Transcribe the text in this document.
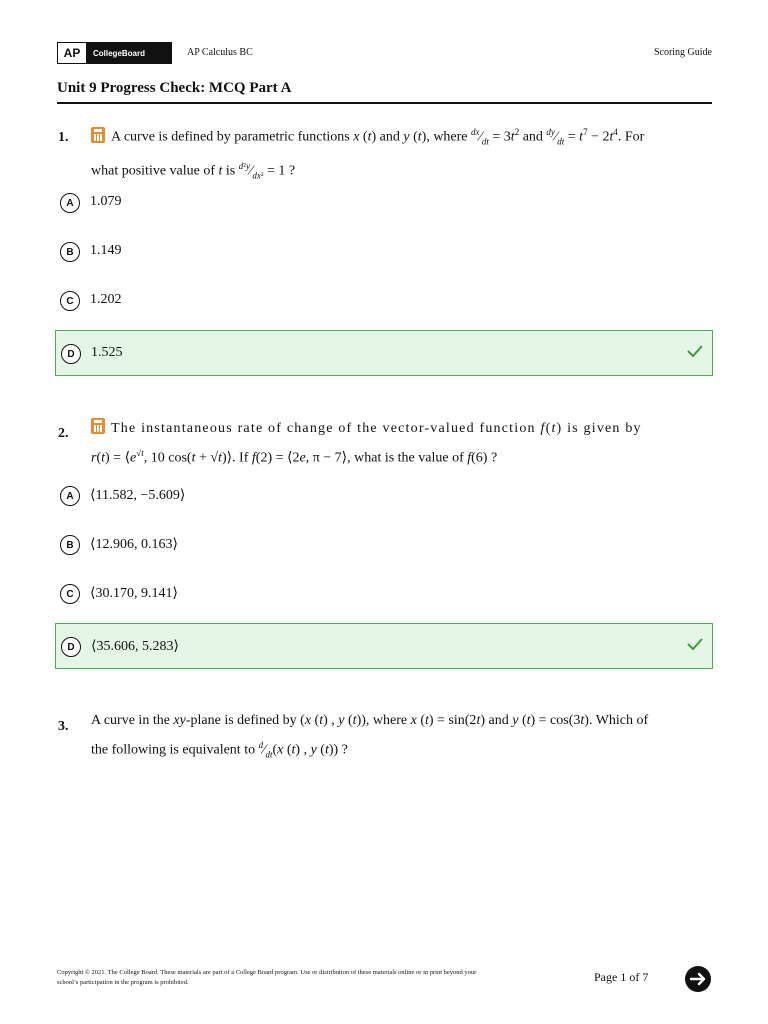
AP	CollegeBoard	AP Calculus BC	Scoring Guide
Unit 9 Progress Check: MCQ Part A
1.	A curve is defined by parametric functions x (t) and y (t), where $^{dx}⁄_{dt} = 3t^2$ and $^{dy}⁄_{dt} = t^7 - 2t^4$. For
what positive value of t is $^{d^2y}⁄_{dx^2} = 1$ ?
A	1.079
B	1.149
C	1.202
D	1.525
2.	The instantaneous rate of change of the vector-valued function f(t) is given by
$r(t) = ⟨e^{√t}$, 10 cos(t + √t)⟩. If f(2) = ⟨2e, π − 7⟩, what is the value of f(6) ?
A	⟨11.582, −5.609⟩
B	⟨12.906, 0.163⟩
C	⟨30.170, 9.141⟩
D	⟨35.606, 5.283⟩
3. A curve in the xy-plane is defined by (x (t) , y (t)), where x (t) = sin(2t) and y (t) = cos(3t). Which of
the following is equivalent to $^d⁄_{dt}(x$ (t) , y (t)) ?
Copyright © 2021. The College Board. These materials are part of a College Board program. Use or distribution of these materials online or in print beyond your school’s participation in the program is prohibited.	Page 1 of 7
